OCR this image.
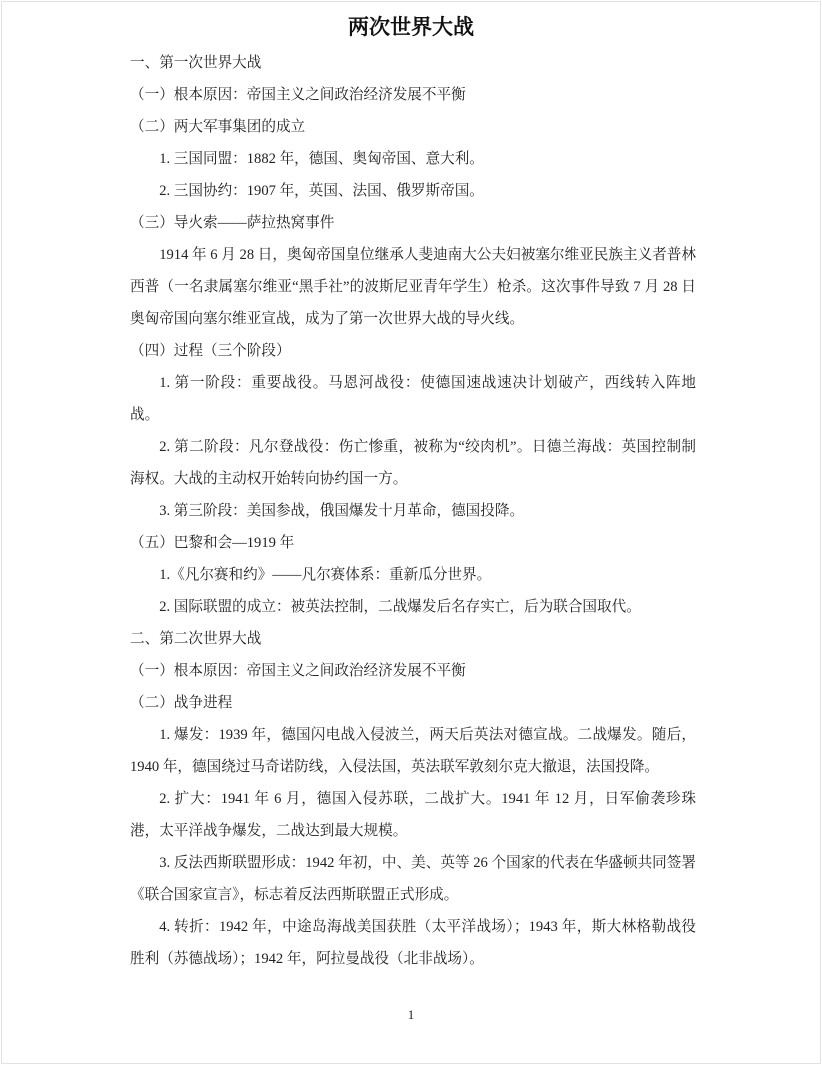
两次世界大战

一、第一次世界大战

（一）根本原因：帝国主义之间政治经济发展不平衡

（二）两大军事集团的成立

1. 三国同盟：1882 年，德国、奥匈帝国、意大利。

2. 三国协约：1907 年，英国、法国、俄罗斯帝国。

（三）导火索——萨拉热窝事件

1914 年 6 月 28 日，奥匈帝国皇位继承人斐迪南大公夫妇被塞尔维亚民族主义者普林西普（一名隶属塞尔维亚“黑手社”的波斯尼亚青年学生）枪杀。这次事件导致 7 月 28 日奥匈帝国向塞尔维亚宣战，成为了第一次世界大战的导火线。

（四）过程（三个阶段）

1. 第一阶段：重要战役。马恩河战役：使德国速战速决计划破产，西线转入阵地战。

2. 第二阶段：凡尔登战役：伤亡惨重，被称为“绞肉机”。日德兰海战：英国控制制海权。大战的主动权开始转向协约国一方。

3. 第三阶段：美国参战，俄国爆发十月革命，德国投降。

（五）巴黎和会—1919 年

1.《凡尔赛和约》——凡尔赛体系：重新瓜分世界。

2. 国际联盟的成立：被英法控制，二战爆发后名存实亡，后为联合国取代。

二、第二次世界大战

（一）根本原因：帝国主义之间政治经济发展不平衡

（二）战争进程

1. 爆发：1939 年，德国闪电战入侵波兰，两天后英法对德宣战。二战爆发。随后，1940 年，德国绕过马奇诺防线，入侵法国，英法联军敦刻尔克大撤退，法国投降。

2. 扩大：1941 年 6 月，德国入侵苏联，二战扩大。1941 年 12 月，日军偷袭珍珠港，太平洋战争爆发，二战达到最大规模。

3. 反法西斯联盟形成：1942 年初，中、美、英等 26 个国家的代表在华盛顿共同签署《联合国家宣言》，标志着反法西斯联盟正式形成。

4. 转折：1942 年，中途岛海战美国获胜（太平洋战场）；1943 年，斯大林格勒战役胜利（苏德战场）；1942 年，阿拉曼战役（北非战场）。

1
